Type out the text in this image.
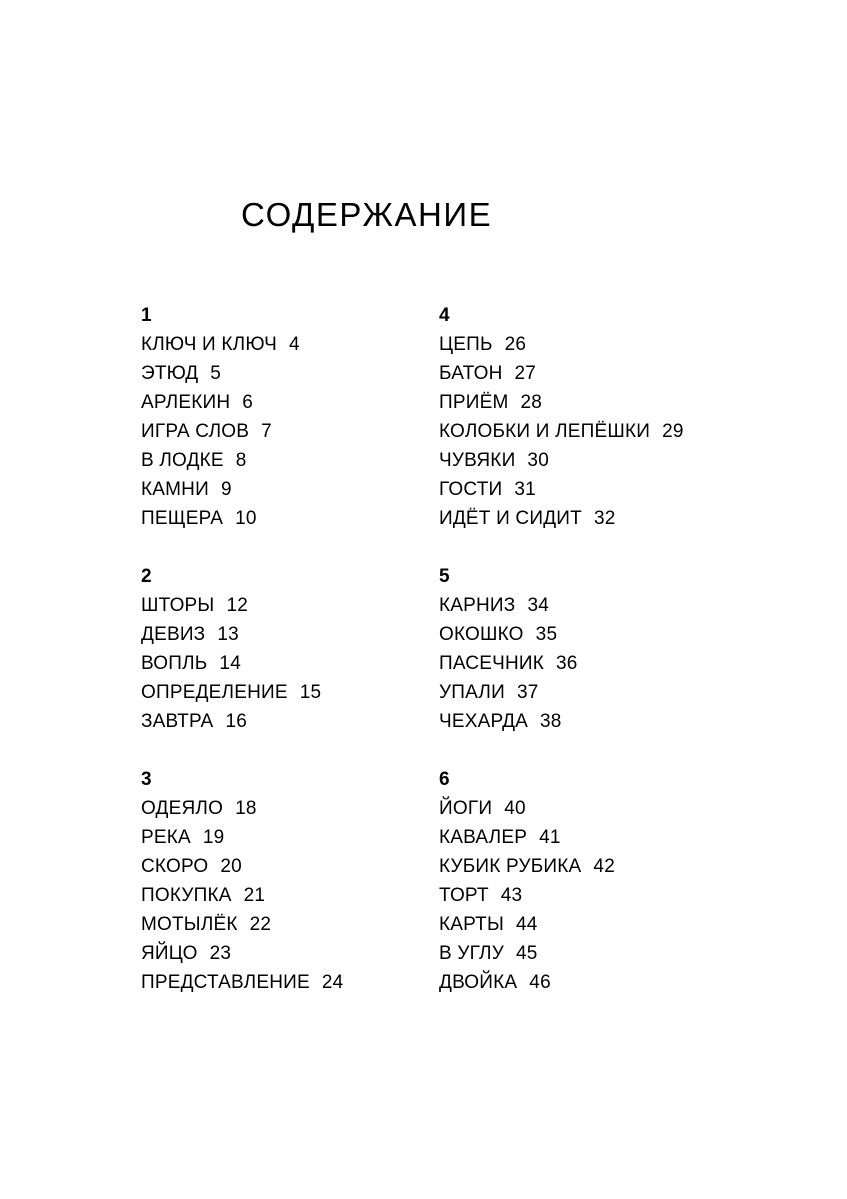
СОДЕРЖАНИЕ
1
КЛЮЧ И КЛЮЧ 4
ЭТЮД 5
АРЛЕКИН 6
ИГРА СЛОВ 7
В ЛОДКЕ 8
КАМНИ 9
ПЕЩЕРА 10
2
ШТОРЫ 12
ДЕВИЗ 13
ВОПЛЬ 14
ОПРЕДЕЛЕНИЕ 15
ЗАВТРА 16
3
ОДЕЯЛО 18
РЕКА 19
СКОРО 20
ПОКУПКА 21
МОТЫЛЁК 22
ЯЙЦО 23
ПРЕДСТАВЛЕНИЕ 24
4
ЦЕПЬ 26
БАТОН 27
ПРИЁМ 28
КОЛОБКИ И ЛЕПЁШКИ 29
ЧУВЯКИ 30
ГОСТИ 31
ИДЁТ И СИДИТ 32
5
КАРНИЗ 34
ОКОШКО 35
ПАСЕЧНИК 36
УПАЛИ 37
ЧЕХАРДА 38
6
ЙОГИ 40
КАВАЛЕР 41
КУБИК РУБИКА 42
ТОРТ 43
КАРТЫ 44
В УГЛУ 45
ДВОЙКА 46
